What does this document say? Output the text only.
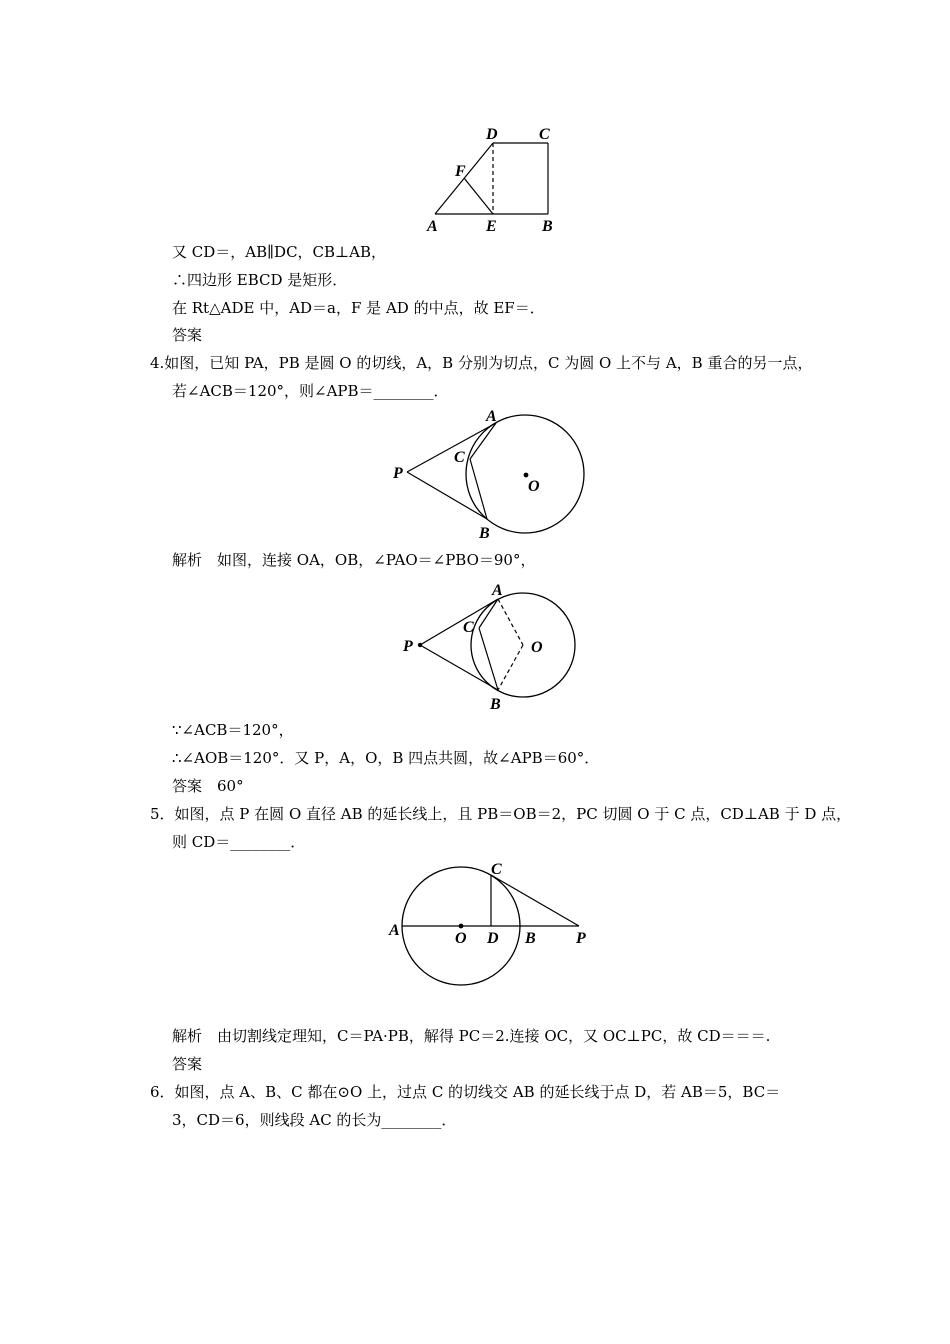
D	C
F
A	E	B
又 CD＝，AB∥DC，CB⊥AB，
∴四边形 EBCD 是矩形．
在 Rt△ADE 中，AD＝a，F 是 AD 的中点，故 EF＝．
答案
4.如图，已知 PA，PB 是圆 O 的切线，A，B 分别为切点，C 为圆 O 上不与 A，B 重合的另一点，
若∠ACB＝120°，则∠APB＝________．
A
C
P
O
B
解析　如图，连接 OA，OB，∠PAO＝∠PBO＝90°，
A
C
P	O
B
∵∠ACB＝120°，
∴∠AOB＝120°．又 P，A，O，B 四点共圆，故∠APB＝60°．
答案　60°
5．如图，点 P 在圆 O 直径 AB 的延长线上，且 PB＝OB＝2，PC 切圆 O 于 C 点，CD⊥AB 于 D 点，
则 CD＝________．
C
A	O D B	P
解析　由切割线定理知，C＝PA·PB，解得 PC＝2.连接 OC，又 OC⊥PC，故 CD＝＝＝.
答案
6．如图，点 A、B、C 都在⊙O 上，过点 C 的切线交 AB 的延长线于点 D，若 AB＝5，BC＝
3，CD＝6，则线段 AC 的长为________．
